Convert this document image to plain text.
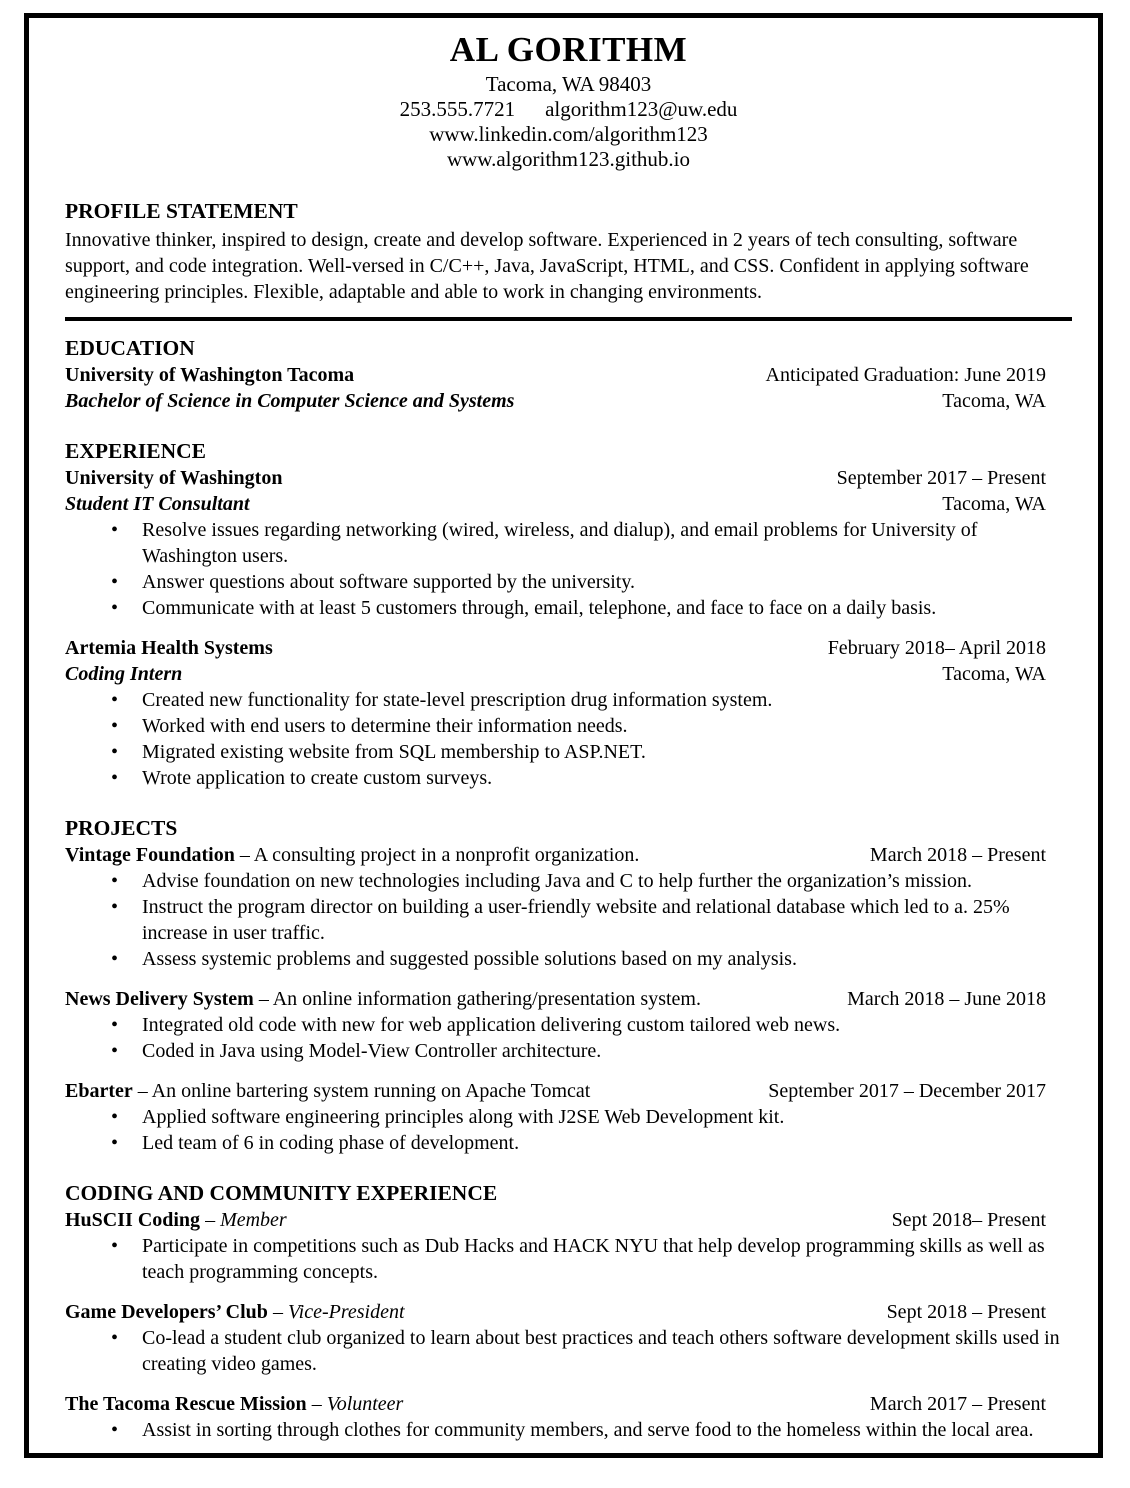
AL GORITHM
Tacoma, WA 98403
253.555.7721 algorithm123@uw.edu
www.linkedin.com/algorithm123
www.algorithm123.github.io
PROFILE STATEMENT

Innovative thinker, inspired to design, create and develop software. Experienced in 2 years of tech consulting, software support, and code integration. Well-versed in C/C++, Java, JavaScript, HTML, and CSS. Confident in applying software engineering principles. Flexible, adaptable and able to work in changing environments.

EDUCATION
University of Washington Tacoma	Anticipated Graduation: June 2019
Bachelor of Science in Computer Science and Systems	Tacoma, WA
EXPERIENCE
University of Washington	September 2017 – Present
Student IT Consultant	Tacoma, WA
• Resolve issues regarding networking (wired, wireless, and dialup), and email problems for University of Washington users.
• Answer questions about software supported by the university.
• Communicate with at least 5 customers through, email, telephone, and face to face on a daily basis.
Artemia Health Systems	February 2018– April 2018
Coding Intern	Tacoma, WA
• Created new functionality for state-level prescription drug information system.
• Worked with end users to determine their information needs.
• Migrated existing website from SQL membership to ASP.NET.
• Wrote application to create custom surveys.
PROJECTS
Vintage Foundation – A consulting project in a nonprofit organization.	March 2018 – Present
• Advise foundation on new technologies including Java and C to help further the organization’s mission.
• Instruct the program director on building a user-friendly website and relational database which led to a. 25% increase in user traffic.
• Assess systemic problems and suggested possible solutions based on my analysis.
News Delivery System – An online information gathering/presentation system.	March 2018 – June 2018
• Integrated old code with new for web application delivering custom tailored web news.
• Coded in Java using Model-View Controller architecture.
Ebarter – An online bartering system running on Apache Tomcat	September 2017 – December 2017
• Applied software engineering principles along with J2SE Web Development kit.
• Led team of 6 in coding phase of development.
CODING AND COMMUNITY EXPERIENCE
HuSCII Coding – Member	Sept 2018– Present
• Participate in competitions such as Dub Hacks and HACK NYU that help develop programming skills as well as teach programming concepts.
Game Developers’ Club – Vice-President	Sept 2018 – Present
• Co-lead a student club organized to learn about best practices and teach others software development skills used in creating video games.
The Tacoma Rescue Mission – Volunteer	March 2017 – Present
• Assist in sorting through clothes for community members, and serve food to the homeless within the local area.
